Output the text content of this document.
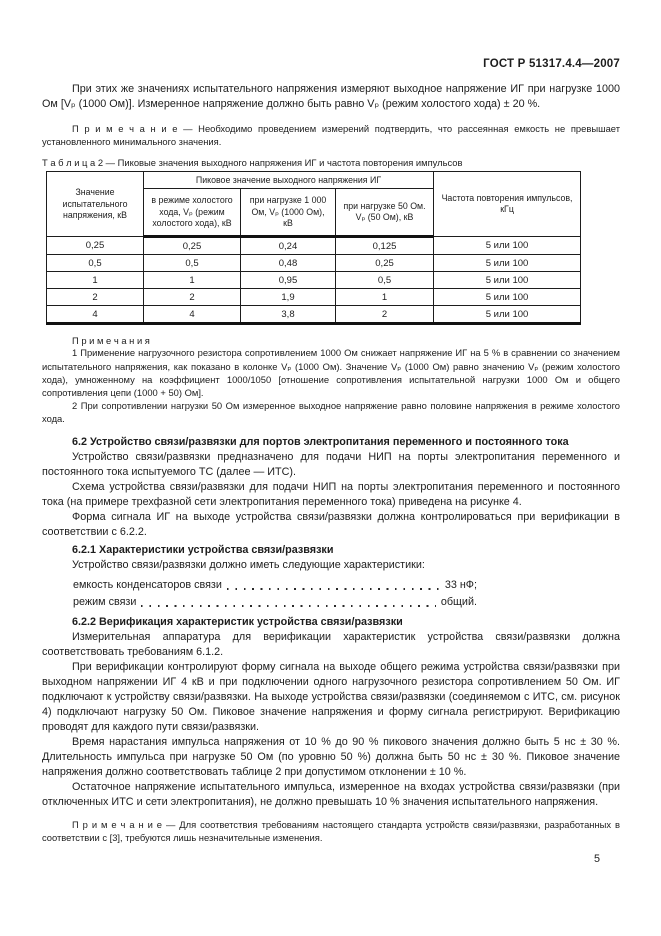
ГОСТ Р 51317.4.4—2007

При этих же значениях испытательного напряжения измеряют выходное напряжение ИГ при нагрузке 1000 Ом [Vₚ (1000 Ом)]. Измеренное напряжение должно быть равно Vₚ (режим холостого хода) ± 20 %.

П р и м е ч а н и е — Необходимо проведением измерений подтвердить, что рассеянная емкость не превышает установленного минимального значения.

Т а б л и ц а 2 — Пиковые значения выходного напряжения ИГ и частота повторения импульсов
Значение испытательного напряжения, кВ	Пиковое значение выходного напряжения ИГ			Частота повторения импульсов, кГц
	в режиме холостого хода, Vₚ (режим холостого хода), кВ	при нагрузке 1 000 Ом, Vₚ (1000 Ом), кВ	при нагрузке 50 Ом. Vₚ (50 Ом), кВ	
0,25	0,25	0,24	0,125	5 или 100
0,5	0,5	0,48	0,25	5 или 100
1	1	0,95	0,5	5 или 100
2	2	1,9	1	5 или 100
4	4	3,8	2	5 или 100
П р и м е ч а н и я
1 Применение нагрузочного резистора сопротивлением 1000 Ом снижает напряжение ИГ на 5 % в сравнении со значением испытательного напряжения, как показано в колонке Vₚ (1000 Ом). Значение Vₚ (1000 Ом) равно значению Vₚ (режим холостого хода), умноженному на коэффициент 1000/1050 [отношение сопротивления испытательной нагрузки 1000 Ом и общего сопротивления цепи (1000 + 50) Ом].
2 При сопротивлении нагрузки 50 Ом измеренное выходное напряжение равно половине напряжения в режиме холостого хода.
6.2 Устройство связи/развязки для портов электропитания переменного и постоянного тока

Устройство связи/развязки предназначено для подачи НИП на порты электропитания переменного и постоянного тока испытуемого ТС (далее — ИТС).

Схема устройства связи/развязки для подачи НИП на порты электропитания переменного и постоянного тока (на примере трехфазной сети электропитания переменного тока) приведена на рисунке 4.

Форма сигнала ИГ на выходе устройства связи/развязки должна контролироваться при верификации в соответствии с 6.2.2.

6.2.1 Характеристики устройства связи/развязки

Устройство связи/развязки должно иметь следующие характеристики:

емкость конденсаторов связи	33 нФ;
режим связи	общий.
6.2.2 Верификация характеристик устройства связи/развязки

Измерительная аппаратура для верификации характеристик устройства связи/развязки должна соответствовать требованиям 6.1.2.

При верификации контролируют форму сигнала на выходе общего режима устройства связи/развязки при выходном напряжении ИГ 4 кВ и при подключении одного нагрузочного резистора сопротивлением 50 Ом. ИГ подключают к устройству связи/развязки. На выходе устройства связи/развязки (соединяемом с ИТС, см. рисунок 4) подключают нагрузку 50 Ом. Пиковое значение напряжения и форму сигнала регистрируют. Верификацию проводят для каждого пути связи/развязки.

Время нарастания импульса напряжения от 10 % до 90 % пикового значения должно быть 5 нс ± 30 %. Длительность импульса при нагрузке 50 Ом (по уровню 50 %) должна быть 50 нс ± 30 %. Пиковое значение напряжения должно соответствовать таблице 2 при допустимом отклонении ± 10 %.

Остаточное напряжение испытательного импульса, измеренное на входах устройства связи/развязки (при отключенных ИТС и сети электропитания), не должно превышать 10 % значения испытательного напряжения.

П р и м е ч а н и е — Для соответствия требованиям настоящего стандарта устройств связи/развязки, разработанных в соответствии с [3], требуются лишь незначительные изменения.

5
